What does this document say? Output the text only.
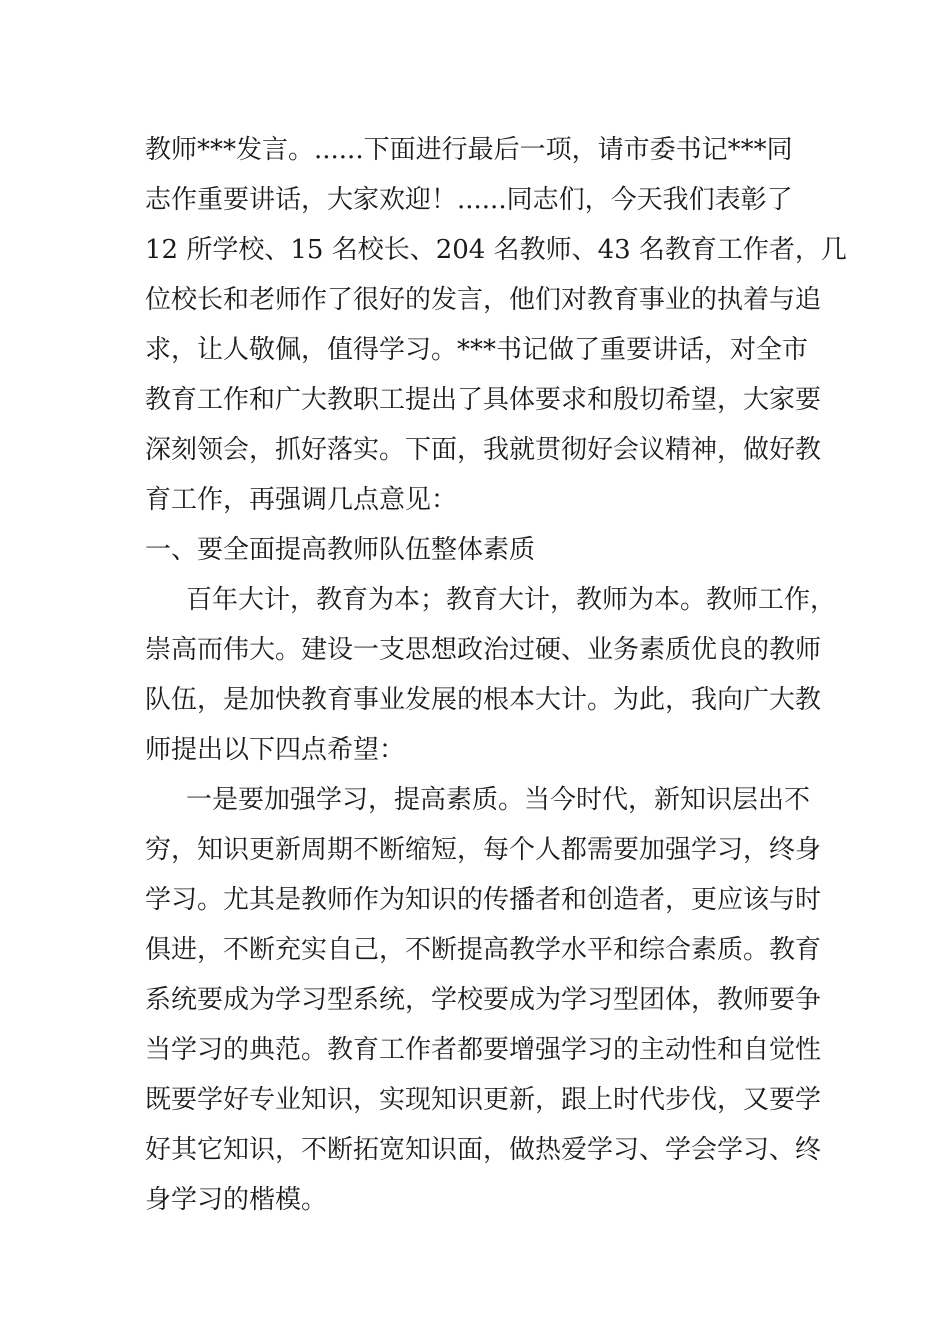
教师***发言。......下面进行最后一项，请市委书记***同
志作重要讲话，大家欢迎！......同志们，今天我们表彰了
12 所学校、15 名校长、204 名教师、43 名教育工作者，几
位校长和老师作了很好的发言，他们对教育事业的执着与追
求，让人敬佩，值得学习。***书记做了重要讲话，对全市
教育工作和广大教职工提出了具体要求和殷切希望，大家要
深刻领会，抓好落实。下面，我就贯彻好会议精神，做好教
育工作，再强调几点意见：
一、要全面提高教师队伍整体素质
百年大计，教育为本；教育大计，教师为本。教师工作，
崇高而伟大。建设一支思想政治过硬、业务素质优良的教师
队伍，是加快教育事业发展的根本大计。为此，我向广大教
师提出以下四点希望：
一是要加强学习，提高素质。当今时代，新知识层出不
穷，知识更新周期不断缩短，每个人都需要加强学习，终身
学习。尤其是教师作为知识的传播者和创造者，更应该与时
俱进，不断充实自己，不断提高教学水平和综合素质。教育
系统要成为学习型系统，学校要成为学习型团体，教师要争
当学习的典范。教育工作者都要增强学习的主动性和自觉性
既要学好专业知识，实现知识更新，跟上时代步伐，又要学
好其它知识，不断拓宽知识面，做热爱学习、学会学习、终
身学习的楷模。
